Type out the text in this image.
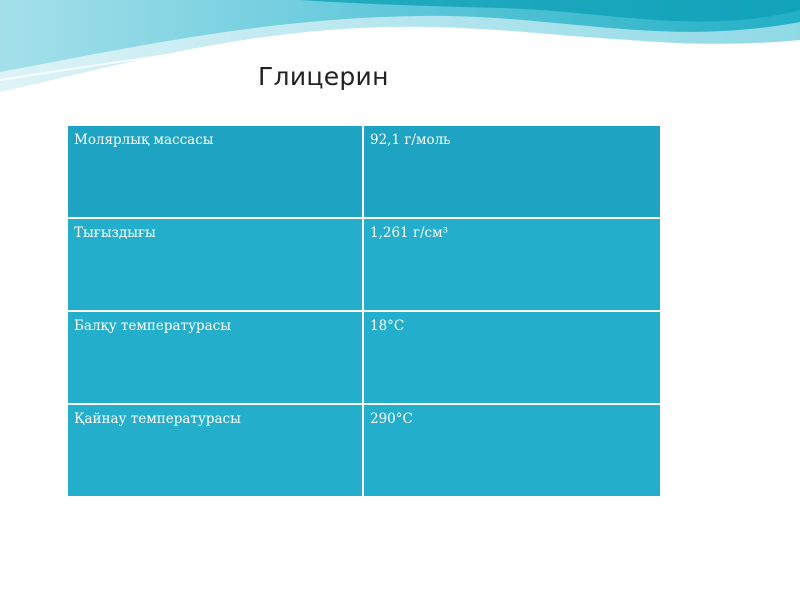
Глицерин
Молярлық массасы	92,1 г/моль
Тығыздығы	1,261 г/см³
Балқу температурасы	18°С
Қайнау температурасы	290°С
